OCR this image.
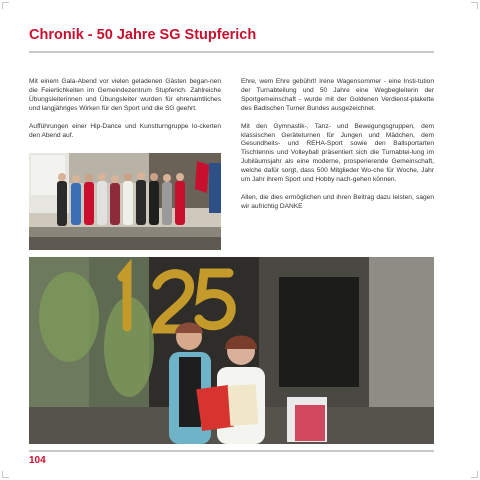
Chronik - 50 Jahre SG Stupferich

Mit einem Gala-Abend vor vielen geladenen Gästen began-nen die Feierlichkeiten im Gemeindezentrum Stupferich. Zahlreiche Übungsleiterinnen und Übungsleiter wurden für ehrenamtliches und langjähriges Wirken für den Sport und die SG geehrt.

Aufführungen einer Hip-Dance und Kunstturngruppe lo-ckerten den Abend auf.

Ehre, wem Ehre gebührt! Irene Wagensommer - eine Insti-tution der Turnabteilung und 50 Jahre eine Wegbegleiterin der Sportgemeinschaft - wurde mit der Goldenen Verdienst-plakette des Badischen Turner Bundes ausgezeichnet.

Mit den Gymnastik-, Tanz- und Bewegungsgruppen, dem klassischen Geräteturnen für Jungen und Mädchen, dem Gesundheits- und REHA-Sport sowie den Ballsportarten Tischtennis und Volleyball präsentiert sich die Turnabtei-lung im Jubiläumsjahr als eine moderne, prosperierende Gemeinschaft, welche dafür sorgt, dass 500 Mitglieder Wo-che für Woche, Jahr um Jahr ihrem Sport und Hobby nach-gehen können.

Allen, die dies ermöglichen und ihren Beitrag dazu leisten, sagen wir aufrichtig DANKE

104
